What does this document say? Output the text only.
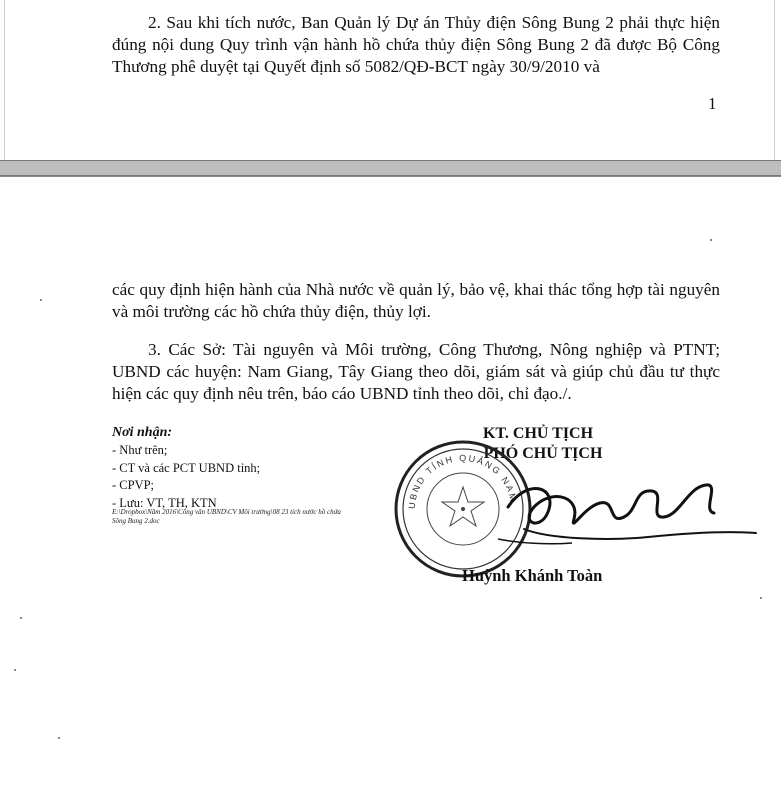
2. Sau khi tích nước, Ban Quản lý Dự án Thủy điện Sông Bung 2 phải thực hiện đúng nội dung Quy trình vận hành hồ chứa thủy điện Sông Bung 2 đã được Bộ Công Thương phê duyệt tại Quyết định số 5082/QĐ-BCT ngày 30/9/2010 và
1
các quy định hiện hành của Nhà nước về quản lý, bảo vệ, khai thác tổng hợp tài nguyên và môi trường các hồ chứa thủy điện, thủy lợi.
3. Các Sở: Tài nguyên và Môi trường, Công Thương, Nông nghiệp và PTNT; UBND các huyện: Nam Giang, Tây Giang theo dõi, giám sát và giúp chủ đầu tư thực hiện các quy định nêu trên, báo cáo UBND tỉnh theo dõi, chỉ đạo./.
Nơi nhận:
- Như trên;
- CT và các PCT UBND tỉnh;
- CPVP;
- Lưu: VT, TH, KTN
E:\Dropbox\Năm 2016\Công văn UBND\CV Môi trường\08 23 tích nước hồ chứa Sông Bung 2.doc
KT. CHỦ TỊCH
PHÓ CHỦ TỊCH
UBND TỈNH QUẢNG NAM
Huỳnh Khánh Toàn
